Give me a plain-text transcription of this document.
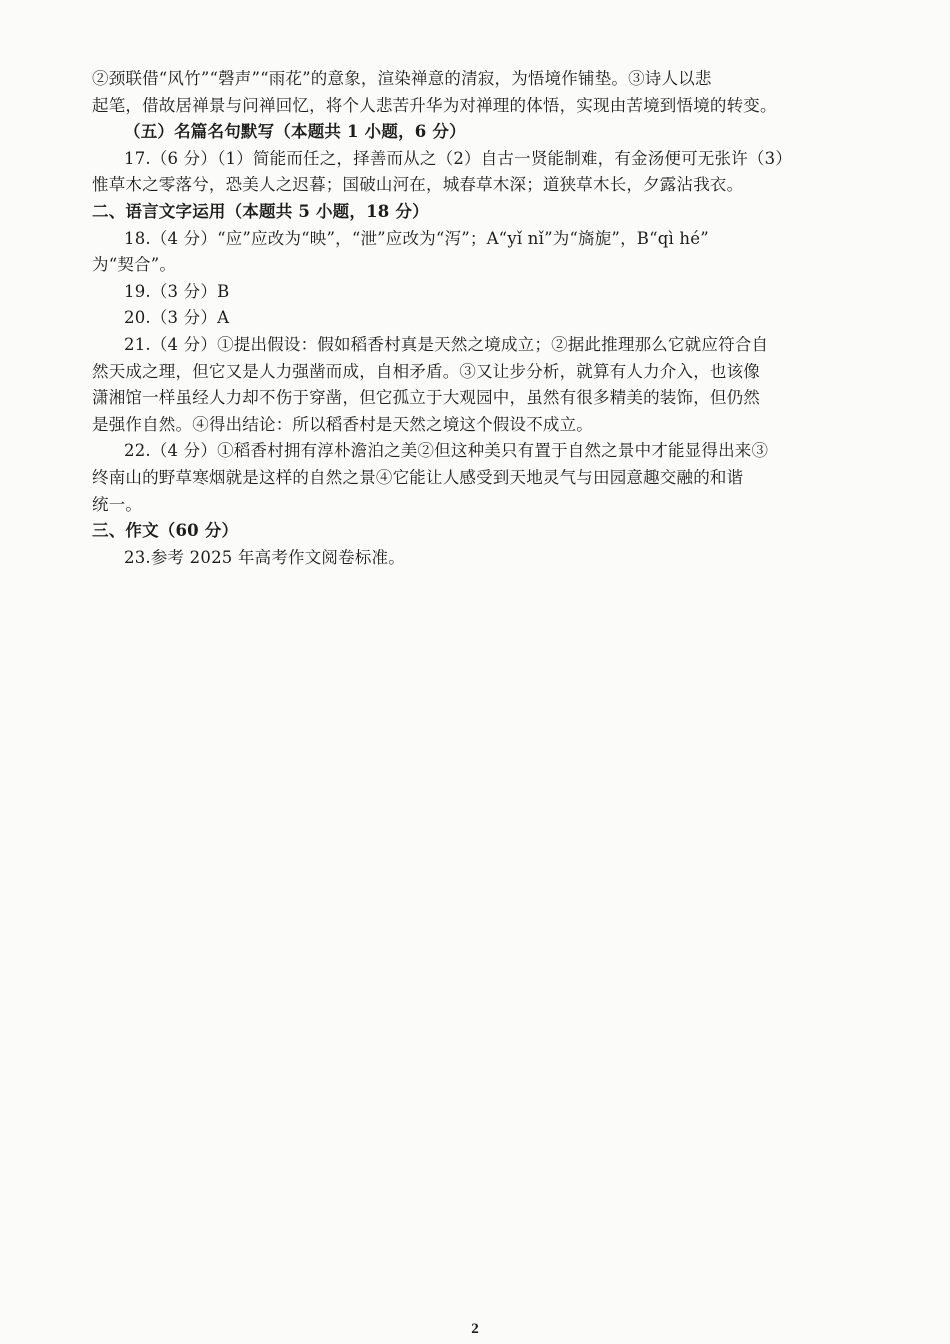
②颈联借“风竹”“磬声”“雨花”的意象，渲染禅意的清寂，为悟境作铺垫。③诗人以悲
起笔，借故居禅景与问禅回忆，将个人悲苦升华为对禅理的体悟，实现由苦境到悟境的转变。
（五）名篇名句默写（本题共 1 小题，6 分）
17.（6 分）（1）简能而任之，择善而从之（2）自古一贤能制难，有金汤便可无张许（3）
惟草木之零落兮，恐美人之迟暮；国破山河在，城春草木深；道狭草木长，夕露沾我衣。
二、语言文字运用（本题共 5 小题，18 分）
18.（4 分）“应”应改为“映”，“泄”应改为“泻”；A“yǐ nǐ”为“旖旎”，B“qì hé”
为“契合”。
19.（3 分）B
20.（3 分）A
21.（4 分）①提出假设：假如稻香村真是天然之境成立；②据此推理那么它就应符合自
然天成之理，但它又是人力强凿而成，自相矛盾。③又让步分析，就算有人力介入，也该像
潇湘馆一样虽经人力却不伤于穿凿，但它孤立于大观园中，虽然有很多精美的装饰，但仍然
是强作自然。④得出结论：所以稻香村是天然之境这个假设不成立。
22.（4 分）①稻香村拥有淳朴澹泊之美②但这种美只有置于自然之景中才能显得出来③
终南山的野草寒烟就是这样的自然之景④它能让人感受到天地灵气与田园意趣交融的和谐
统一。
三、作文（60 分）
23.参考 2025 年高考作文阅卷标准。
2
